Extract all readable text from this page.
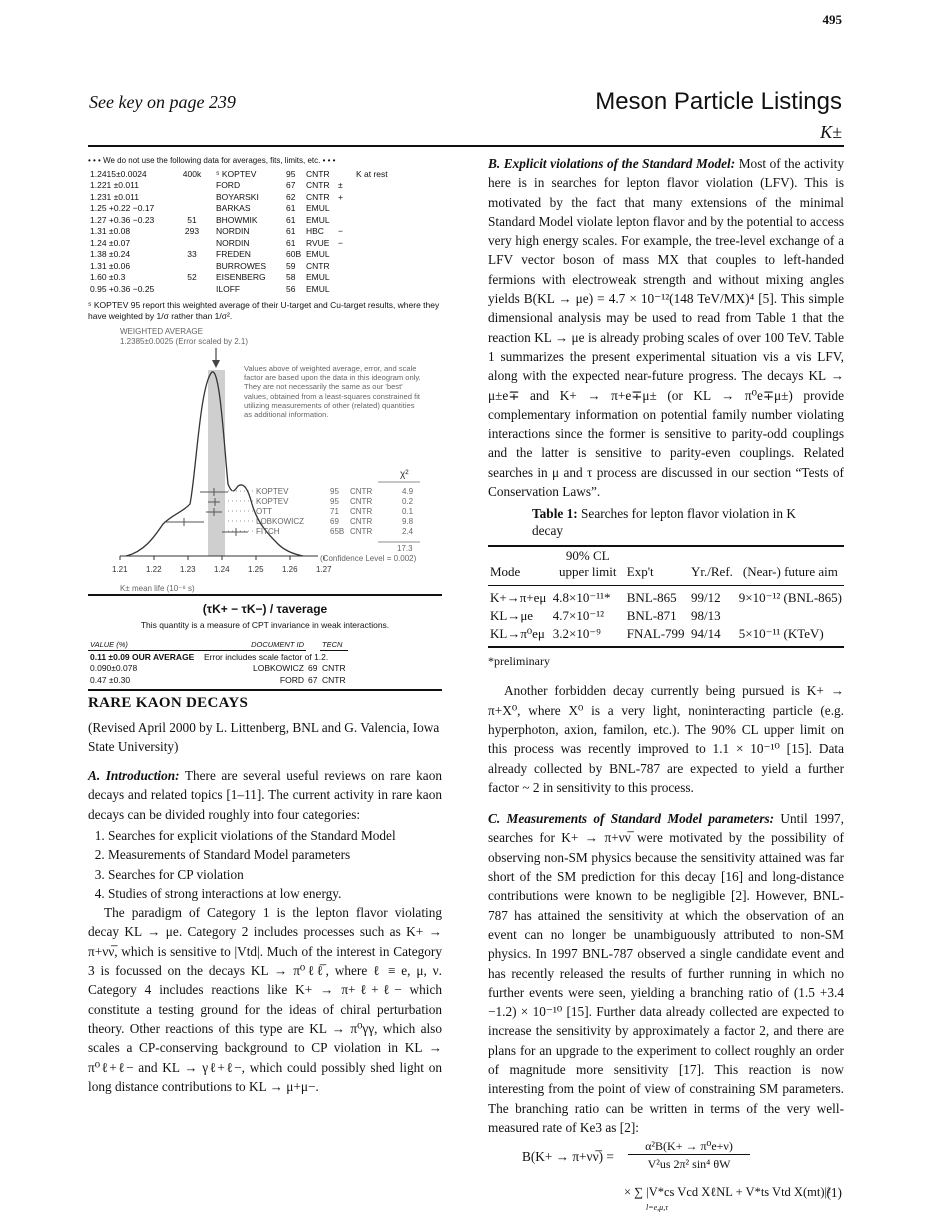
495
See key on page 239	Meson Particle Listings
K±
• • • We do not use the following data for averages, fits, limits, etc. • • •
1.2415±0.0024	400k	⁵ KOPTEV	95	CNTR		K at rest
1.221 ±0.011		FORD	67	CNTR	±	
1.231 ±0.011		BOYARSKI	62	CNTR	+	
1.25 +0.22 −0.17		BARKAS	61	EMUL		
1.27 +0.36 −0.23	51	BHOWMIK	61	EMUL		
1.31 ±0.08	293	NORDIN	61	HBC	−	
1.24 ±0.07		NORDIN	61	RVUE	−	
1.38 ±0.24	33	FREDEN	60B	EMUL		
1.31 ±0.06		BURROWES	59	CNTR		
1.60 ±0.3	52	EISENBERG	58	EMUL		
0.95 +0.36 −0.25		ILOFF	56	EMUL		
⁵ KOPTEV 95 report this weighted average of their U-target and Cu-target results, where they have weighted by 1/σ rather than 1/σ².
WEIGHTED AVERAGE
1.2385±0.0025 (Error scaled by 2.1)
Values above of weighted average, error, and scale factor are based upon the data in this ideogram only. They are not necessarily the same as our 'best' values, obtained from a least-squares constrained fit utilizing measurements of other (related) quantities as additional information.
χ²
KOPTEV	95 CNTR	4.9
KOPTEV	95 CNTR	0.2
OTT	71 CNTR	0.1
LOBKOWICZ	69 CNTR	9.8
FITCH	65B CNTR	2.4
17.3
(Confidence Level = 0.002)
1.21 1.22 1.23 1.24 1.25 1.26 1.27
K± mean life (10⁻⁸ s)
(τK+ − τK−) / τaverage
This quantity is a measure of CPT invariance in weak interactions.
VALUE (%)	DOCUMENT ID		TECN
0.11 ±0.09 OUR AVERAGE	Error includes scale factor of 1.2.		
0.090±0.078	LOBKOWICZ	69	CNTR
0.47 ±0.30	FORD	67	CNTR
RARE KAON DECAYS

(Revised April 2000 by L. Littenberg, BNL and G. Valencia, Iowa State University)

A. Introduction: There are several useful reviews on rare kaon decays and related topics [1–11]. The current activity in rare kaon decays can be divided roughly into four categories:

1. Searches for explicit violations of the Standard Model
2. Measurements of Standard Model parameters
3. Searches for CP violation
4. Studies of strong interactions at low energy.

The paradigm of Category 1 is the lepton flavor violating decay KL → μe. Category 2 includes processes such as K+ → π+νν̅, which is sensitive to |Vtd|. Much of the interest in Category 3 is focussed on the decays KL → π⁰ℓℓ̅, where ℓ ≡ e, μ, ν. Category 4 includes reactions like K+ → π+ℓ+ℓ− which constitute a testing ground for the ideas of chiral perturbation theory. Other reactions of this type are KL → π⁰γγ, which also scales a CP-conserving background to CP violation in KL → π⁰ℓ+ℓ− and KL → γℓ+ℓ−, which could possibly shed light on long distance contributions to KL → μ+μ−.

B. Explicit violations of the Standard Model: Most of the activity here is in searches for lepton flavor violation (LFV). This is motivated by the fact that many extensions of the minimal Standard Model violate lepton flavor and by the potential to access very high energy scales. For example, the tree-level exchange of a LFV vector boson of mass MX that couples to left-handed fermions with electroweak strength and without mixing angles yields B(KL → μe) = 4.7 × 10⁻¹²(148 TeV/MX)⁴ [5]. This simple dimensional analysis may be used to read from Table 1 that the reaction KL → μe is already probing scales of over 100 TeV. Table 1 summarizes the present experimental situation vis a vis LFV, along with the expected near-future progress. The decays KL → μ±e∓ and K+ → π+e∓μ± (or KL → π⁰e∓μ±) provide complementary information on potential family number violating interactions since the former is sensitive to parity-odd couplings and the latter is sensitive to parity-even couplings. Related searches in μ and τ process are discussed in our section “Tests of Conservation Laws”.

Table 1: Searches for lepton flavor violation in K decay
Mode	90% CL upper limit	Exp't	Yr./Ref.	(Near-) future aim

K+→π+eμ	4.8×10⁻¹¹*	BNL-865	99/12	9×10⁻¹² (BNL-865)
KL→μe	4.7×10⁻¹²	BNL-871	98/13	
KL→π⁰eμ	3.2×10⁻⁹	FNAL-799	94/14	5×10⁻¹¹ (KTeV)
*preliminary

Another forbidden decay currently being pursued is K+ → π+X⁰, where X⁰ is a very light, noninteracting particle (e.g. hyperphoton, axion, familon, etc.). The 90% CL upper limit on this process was recently improved to 1.1 × 10⁻¹⁰ [15]. Data already collected by BNL-787 are expected to yield a further factor ~ 2 in sensitivity to this process.

C. Measurements of Standard Model parameters: Until 1997, searches for K+ → π+νν̅ were motivated by the possibility of observing non-SM physics because the sensitivity attained was far short of the SM prediction for this decay [16] and long-distance contributions were known to be negligible [2]. However, BNL-787 has attained the sensitivity at which the observation of an event can no longer be unambiguously attributed to non-SM physics. In 1997 BNL-787 observed a single candidate event and has recently released the results of further running in which no further events were seen, yielding a branching ratio of (1.5 +3.4 −1.2) × 10⁻¹⁰ [15]. Further data already collected are expected to increase the sensitivity by approximately a factor 2, and there are plans for an upgrade to the experiment to collect roughly an order of magnitude more sensitivity [17]. This reaction is now interesting from the point of view of constraining SM parameters. The branching ratio can be written in terms of the very well-measured rate of Ke3 as [2]:

B(K+ → π+νν̅) =
α²B(K+ → π⁰e+ν)
V²us 2π² sin⁴ θW
× ∑ |V*cs Vcd XℓNL + V*ts Vtd X(mt)|²
l=e,μ,τ
(1)
